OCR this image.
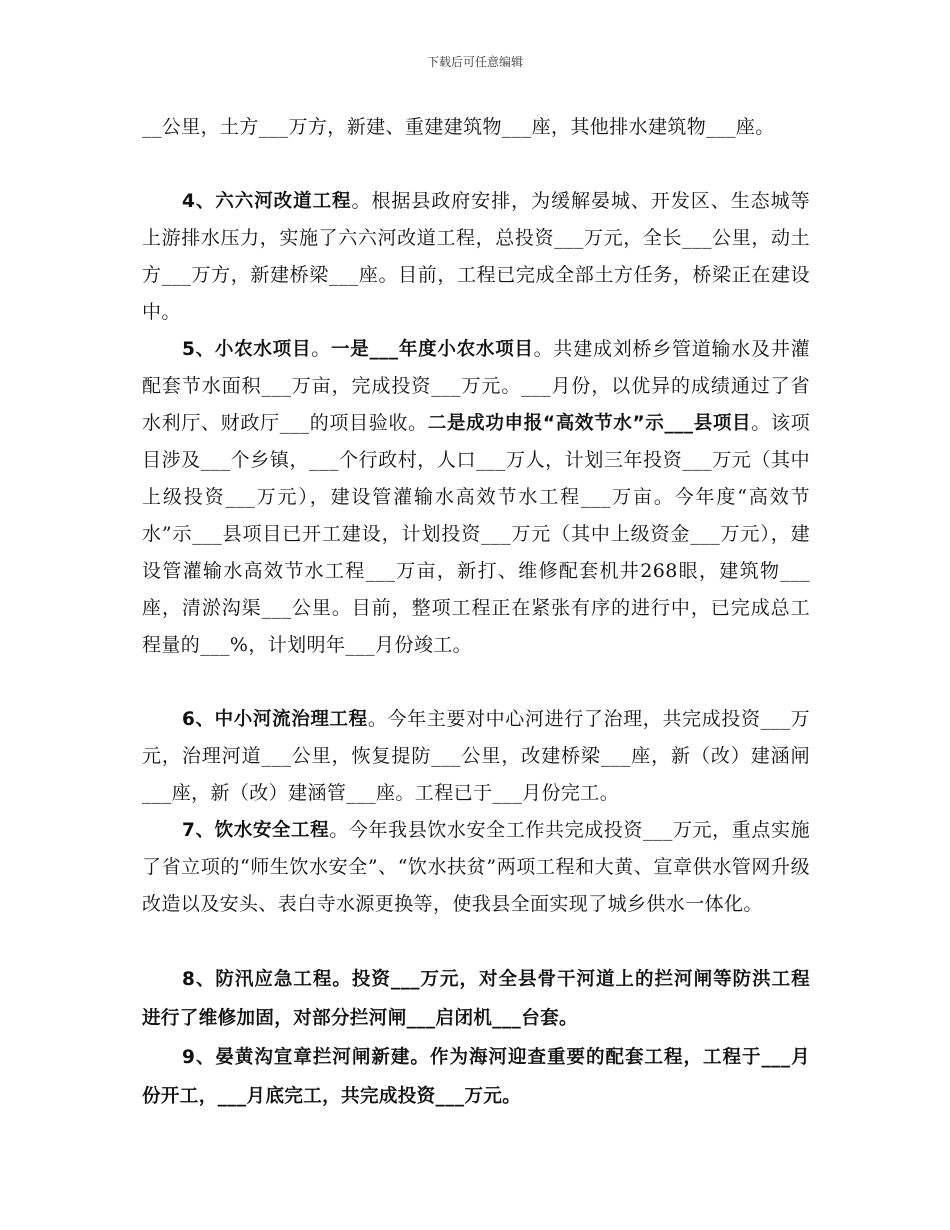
下载后可任意编辑

__公里，土方___万方，新建、重建建筑物___座，其他排水建筑物___座。

4、六六河改道工程。根据县政府安排，为缓解晏城、开发区、生态城等上游排水压力，实施了六六河改道工程，总投资___万元，全长___公里，动土方___万方，新建桥梁___座。目前，工程已完成全部土方任务，桥梁正在建设中。

5、小农水项目。一是___年度小农水项目。共建成刘桥乡管道输水及井灌配套节水面积___万亩，完成投资___万元。___月份，以优异的成绩通过了省水利厅、财政厅___的项目验收。二是成功申报“高效节水”示___县项目。该项目涉及___个乡镇，___个行政村，人口___万人，计划三年投资___万元（其中上级投资___万元），建设管灌输水高效节水工程___万亩。今年度“高效节水”示___县项目已开工建设，计划投资___万元（其中上级资金___万元），建设管灌输水高效节水工程___万亩，新打、维修配套机井268眼，建筑物___座，清淤沟渠___公里。目前，整项工程正在紧张有序的进行中，已完成总工程量的___%，计划明年___月份竣工。

6、中小河流治理工程。今年主要对中心河进行了治理，共完成投资___万元，治理河道___公里，恢复提防___公里，改建桥梁___座，新（改）建涵闸___座，新（改）建涵管___座。工程已于___月份完工。

7、饮水安全工程。今年我县饮水安全工作共完成投资___万元，重点实施了省立项的“师生饮水安全”、“饮水扶贫”两项工程和大黄、宣章供水管网升级改造以及安头、表白寺水源更换等，使我县全面实现了城乡供水一体化。

8、防汛应急工程。投资___万元，对全县骨干河道上的拦河闸等防洪工程进行了维修加固，对部分拦河闸___启闭机___台套。

9、晏黄沟宣章拦河闸新建。作为海河迎查重要的配套工程，工程于___月份开工，___月底完工，共完成投资___万元。
